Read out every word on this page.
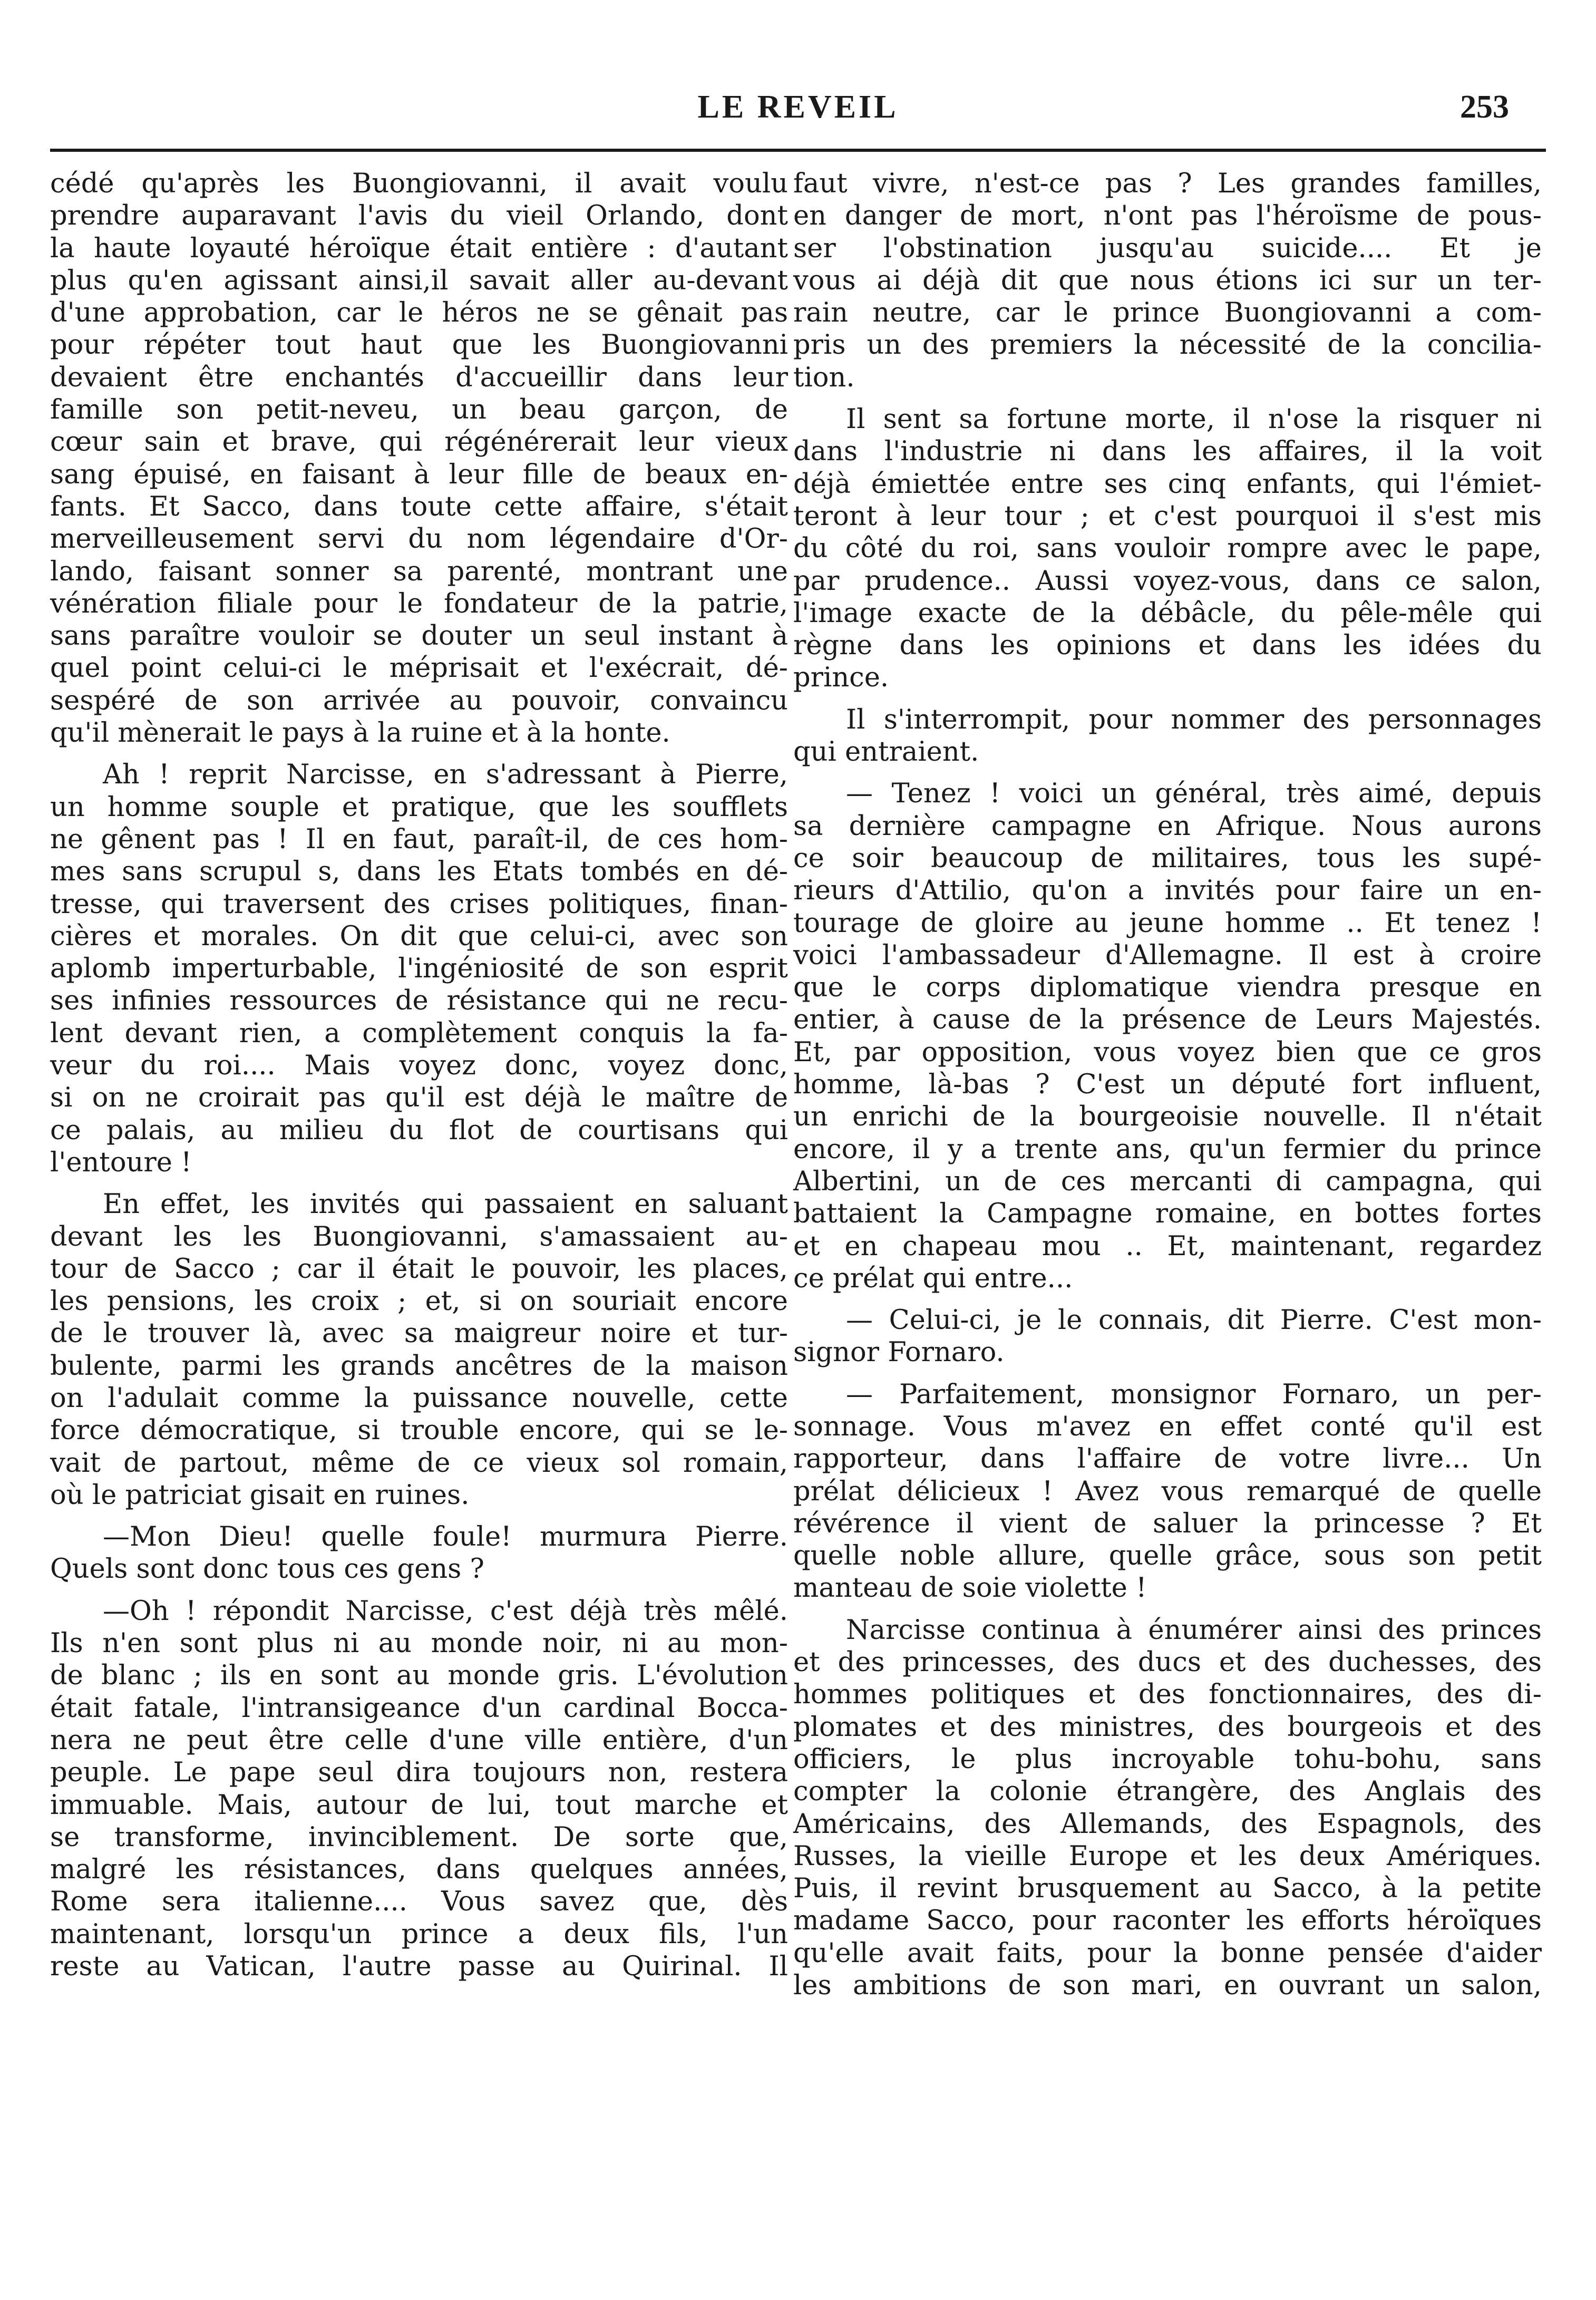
LE REVEIL	253

cédé qu'après les Buongiovanni, il avait voulu

prendre auparavant l'avis du vieil Orlando, dont

la haute loyauté héroïque était entière : d'autant

plus qu'en agissant ainsi,il savait aller au-devant

d'une approbation, car le héros ne se gênait pas

pour répéter tout haut que les Buongiovanni

devaient être enchantés d'accueillir dans leur

famille son petit-neveu, un beau garçon, de

cœur sain et brave, qui régénérerait leur vieux

sang épuisé, en faisant à leur fille de beaux en-

fants. Et Sacco, dans toute cette affaire, s'était

merveilleusement servi du nom légendaire d'Or-

lando, faisant sonner sa parenté, montrant une

vénération filiale pour le fondateur de la patrie,

sans paraître vouloir se douter un seul instant à

quel point celui-ci le méprisait et l'exécrait, dé-

sespéré de son arrivée au pouvoir, convaincu

qu'il mènerait le pays à la ruine et à la honte.

Ah ! reprit Narcisse, en s'adressant à Pierre,

un homme souple et pratique, que les soufflets

ne gênent pas ! Il en faut, paraît-il, de ces hom-

mes sans scrupul s, dans les Etats tombés en dé-

tresse, qui traversent des crises politiques, finan-

cières et morales. On dit que celui-ci, avec son

aplomb imperturbable, l'ingéniosité de son esprit

ses infinies ressources de résistance qui ne recu-

lent devant rien, a complètement conquis la fa-

veur du roi.... Mais voyez donc, voyez donc,

si on ne croirait pas qu'il est déjà le maître de

ce palais, au milieu du flot de courtisans qui

l'entoure !

En effet, les invités qui passaient en saluant

devant les les Buongiovanni, s'amassaient au-

tour de Sacco ; car il était le pouvoir, les places,

les pensions, les croix ; et, si on souriait encore

de le trouver là, avec sa maigreur noire et tur-

bulente, parmi les grands ancêtres de la maison

on l'adulait comme la puissance nouvelle, cette

force démocratique, si trouble encore, qui se le-

vait de partout, même de ce vieux sol romain,

où le patriciat gisait en ruines.

—Mon Dieu! quelle foule! murmura Pierre.

Quels sont donc tous ces gens ?

—Oh ! répondit Narcisse, c'est déjà très mêlé.

Ils n'en sont plus ni au monde noir, ni au mon-

de blanc ; ils en sont au monde gris. L'évolution

était fatale, l'intransigeance d'un cardinal Bocca-

nera ne peut être celle d'une ville entière, d'un

peuple. Le pape seul dira toujours non, restera

immuable. Mais, autour de lui, tout marche et

se transforme, invinciblement. De sorte que,

malgré les résistances, dans quelques années,

Rome sera italienne.... Vous savez que, dès

maintenant, lorsqu'un prince a deux fils, l'un

reste au Vatican, l'autre passe au Quirinal. Il

faut vivre, n'est-ce pas ? Les grandes familles,

en danger de mort, n'ont pas l'héroïsme de pous-

ser l'obstination jusqu'au suicide.... Et je

vous ai déjà dit que nous étions ici sur un ter-

rain neutre, car le prince Buongiovanni a com-

pris un des premiers la nécessité de la concilia-

tion.

Il sent sa fortune morte, il n'ose la risquer ni

dans l'industrie ni dans les affaires, il la voit

déjà émiettée entre ses cinq enfants, qui l'émiet-

teront à leur tour ; et c'est pourquoi il s'est mis

du côté du roi, sans vouloir rompre avec le pape,

par prudence.. Aussi voyez-vous, dans ce salon,

l'image exacte de la débâcle, du pêle-mêle qui

règne dans les opinions et dans les idées du

prince.

Il s'interrompit, pour nommer des personnages

qui entraient.

— Tenez ! voici un général, très aimé, depuis

sa dernière campagne en Afrique. Nous aurons

ce soir beaucoup de militaires, tous les supé-

rieurs d'Attilio, qu'on a invités pour faire un en-

tourage de gloire au jeune homme .. Et tenez !

voici l'ambassadeur d'Allemagne. Il est à croire

que le corps diplomatique viendra presque en

entier, à cause de la présence de Leurs Majestés.

Et, par opposition, vous voyez bien que ce gros

homme, là-bas ? C'est un député fort influent,

un enrichi de la bourgeoisie nouvelle. Il n'était

encore, il y a trente ans, qu'un fermier du prince

Albertini, un de ces mercanti di campagna, qui

battaient la Campagne romaine, en bottes fortes

et en chapeau mou .. Et, maintenant, regardez

ce prélat qui entre...

— Celui-ci, je le connais, dit Pierre. C'est mon-

signor Fornaro.

— Parfaitement, monsignor Fornaro, un per-

sonnage. Vous m'avez en effet conté qu'il est

rapporteur, dans l'affaire de votre livre... Un

prélat délicieux ! Avez vous remarqué de quelle

révérence il vient de saluer la princesse ? Et

quelle noble allure, quelle grâce, sous son petit

manteau de soie violette !

Narcisse continua à énumérer ainsi des princes

et des princesses, des ducs et des duchesses, des

hommes politiques et des fonctionnaires, des di-

plomates et des ministres, des bourgeois et des

officiers, le plus incroyable tohu-bohu, sans

compter la colonie étrangère, des Anglais des

Américains, des Allemands, des Espagnols, des

Russes, la vieille Europe et les deux Amériques.

Puis, il revint brusquement au Sacco, à la petite

madame Sacco, pour raconter les efforts héroïques

qu'elle avait faits, pour la bonne pensée d'aider

les ambitions de son mari, en ouvrant un salon,
